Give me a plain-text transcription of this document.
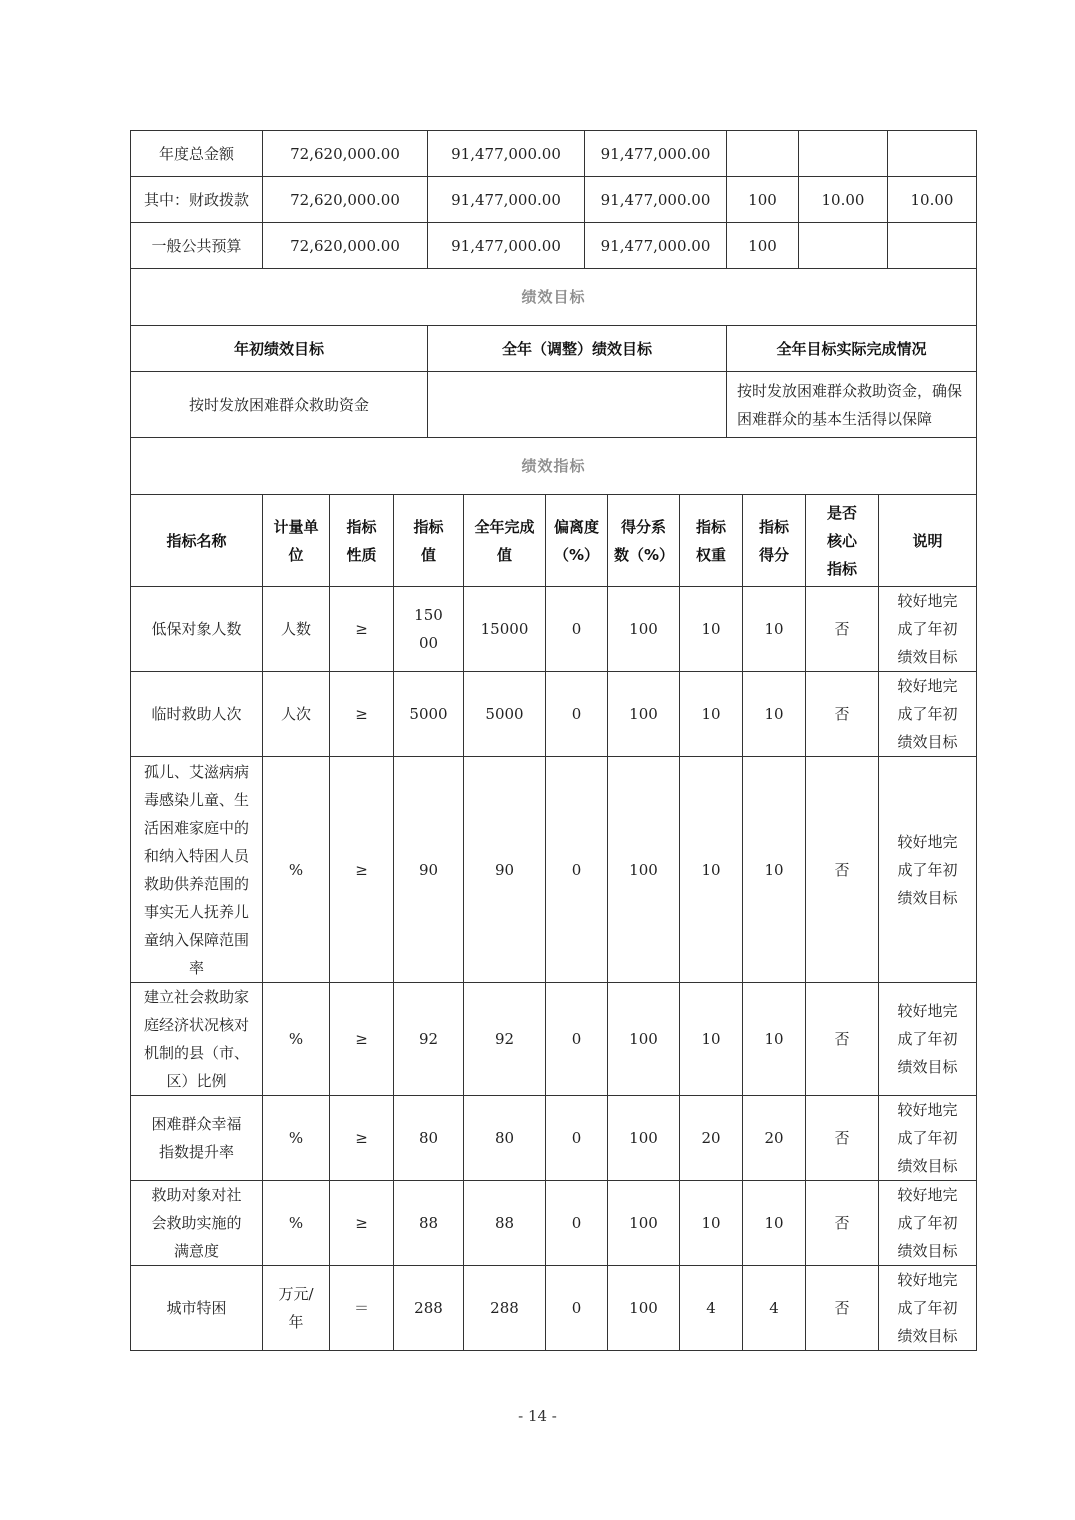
年度总金额	72,620,000.00	91,477,000.00	91,477,000.00			
其中：财政拨款	72,620,000.00	91,477,000.00	91,477,000.00	100	10.00	10.00
一般公共预算	72,620,000.00	91,477,000.00	91,477,000.00	100		
绩效目标		
年初绩效目标	全年（调整）绩效目标	全年目标实际完成情况
按时发放困难群众救助资金		按时发放困难群众救助资金，确保困难群众的基本生活得以保障
绩效指标										
指标名称	计量单位	指标性质	指标值	全年完成值	偏离度（%）	得分系数（%）	指标权重	指标得分	是否核心指标	说明
低保对象人数	人数	≥	15000	15000	0	100	10	10	否	较好地完成了年初绩效目标
临时救助人次	人次	≥	5000	5000	0	100	10	10	否	较好地完成了年初绩效目标
孤儿、艾滋病病毒感染儿童、生活困难家庭中的和纳入特困人员救助供养范围的事实无人抚养儿童纳入保障范围率	%	≥	90	90	0	100	10	10	否	较好地完成了年初绩效目标
建立社会救助家庭经济状况核对机制的县（市、区）比例	%	≥	92	92	0	100	10	10	否	较好地完成了年初绩效目标
困难群众幸福指数提升率	%	≥	80	80	0	100	20	20	否	较好地完成了年初绩效目标
救助对象对社会救助实施的满意度	%	≥	88	88	0	100	10	10	否	较好地完成了年初绩效目标
城市特困	万元/年	＝	288	288	0	100	4	4	否	较好地完成了年初绩效目标
- 14 -
